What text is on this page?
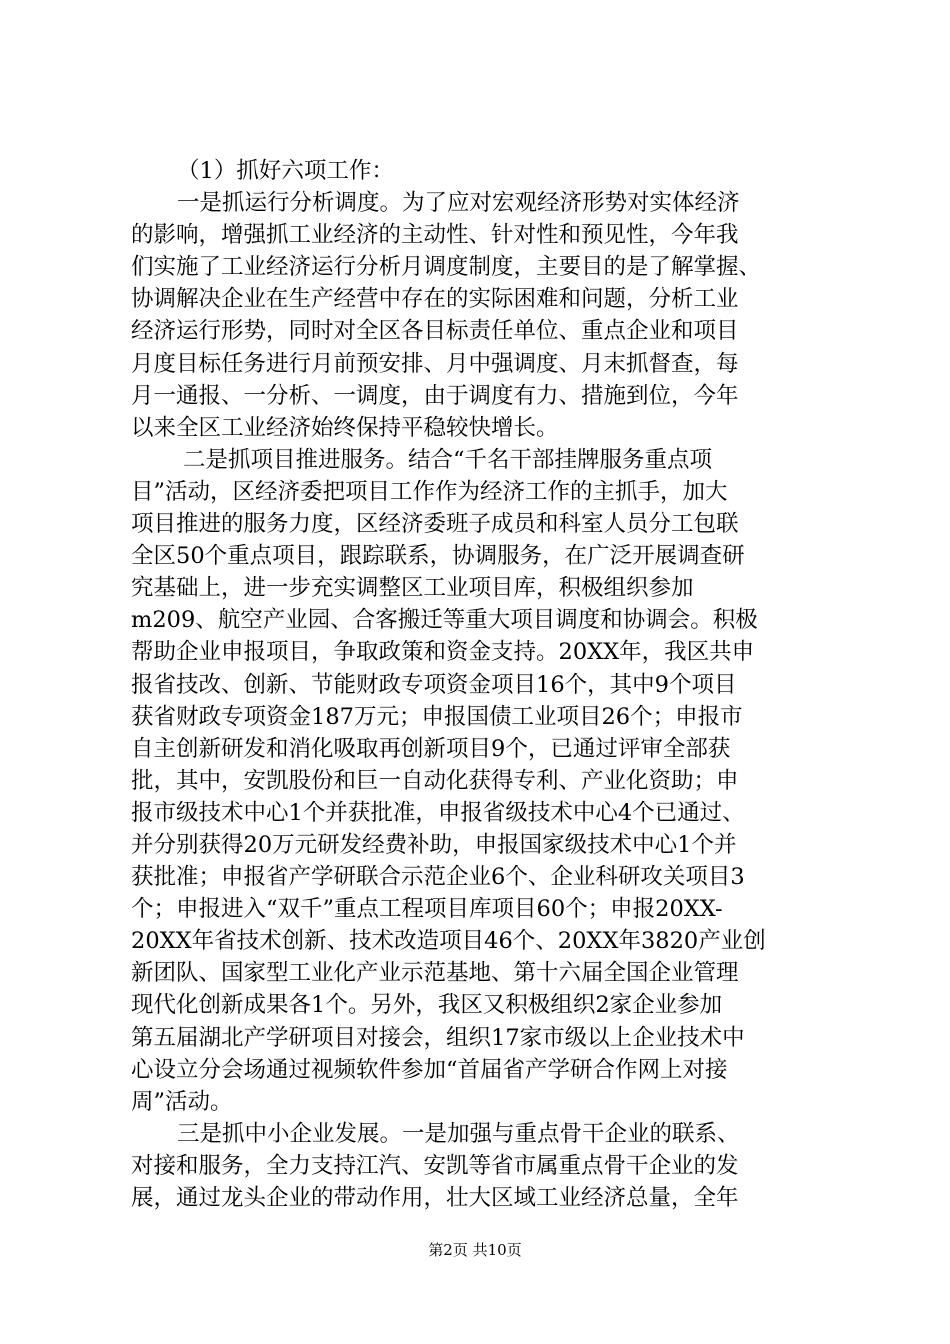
（1）抓好六项工作：
一是抓运行分析调度。为了应对宏观经济形势对实体经济
的影响，增强抓工业经济的主动性、针对性和预见性，今年我
们实施了工业经济运行分析月调度制度，主要目的是了解掌握、
协调解决企业在生产经营中存在的实际困难和问题，分析工业
经济运行形势，同时对全区各目标责任单位、重点企业和项目
月度目标任务进行月前预安排、月中强调度、月末抓督查，每
月一通报、一分析、一调度，由于调度有力、措施到位，今年
以来全区工业经济始终保持平稳较快增长。
二是抓项目推进服务。结合“千名干部挂牌服务重点项
目”活动，区经济委把项目工作作为经济工作的主抓手，加大
项目推进的服务力度，区经济委班子成员和科室人员分工包联
全区50个重点项目，跟踪联系，协调服务，在广泛开展调查研
究基础上，进一步充实调整区工业项目库，积极组织参加
m209、航空产业园、合客搬迁等重大项目调度和协调会。积极
帮助企业申报项目，争取政策和资金支持。20XX年，我区共申
报省技改、创新、节能财政专项资金项目16个，其中9个项目
获省财政专项资金187万元；申报国债工业项目26个；申报市
自主创新研发和消化吸取再创新项目9个，已通过评审全部获
批，其中，安凯股份和巨一自动化获得专利、产业化资助；申
报市级技术中心1个并获批准，申报省级技术中心4个已通过、
并分别获得20万元研发经费补助，申报国家级技术中心1个并
获批准；申报省产学研联合示范企业6个、企业科研攻关项目3
个；申报进入“双千”重点工程项目库项目60个；申报20XX-
20XX年省技术创新、技术改造项目46个、20XX年3820产业创
新团队、国家型工业化产业示范基地、第十六届全国企业管理
现代化创新成果各1个。另外，我区又积极组织2家企业参加
第五届湖北产学研项目对接会，组织17家市级以上企业技术中
心设立分会场通过视频软件参加“首届省产学研合作网上对接
周”活动。
三是抓中小企业发展。一是加强与重点骨干企业的联系、
对接和服务，全力支持江汽、安凯等省市属重点骨干企业的发
展，通过龙头企业的带动作用，壮大区域工业经济总量，全年
第2页 共10页
